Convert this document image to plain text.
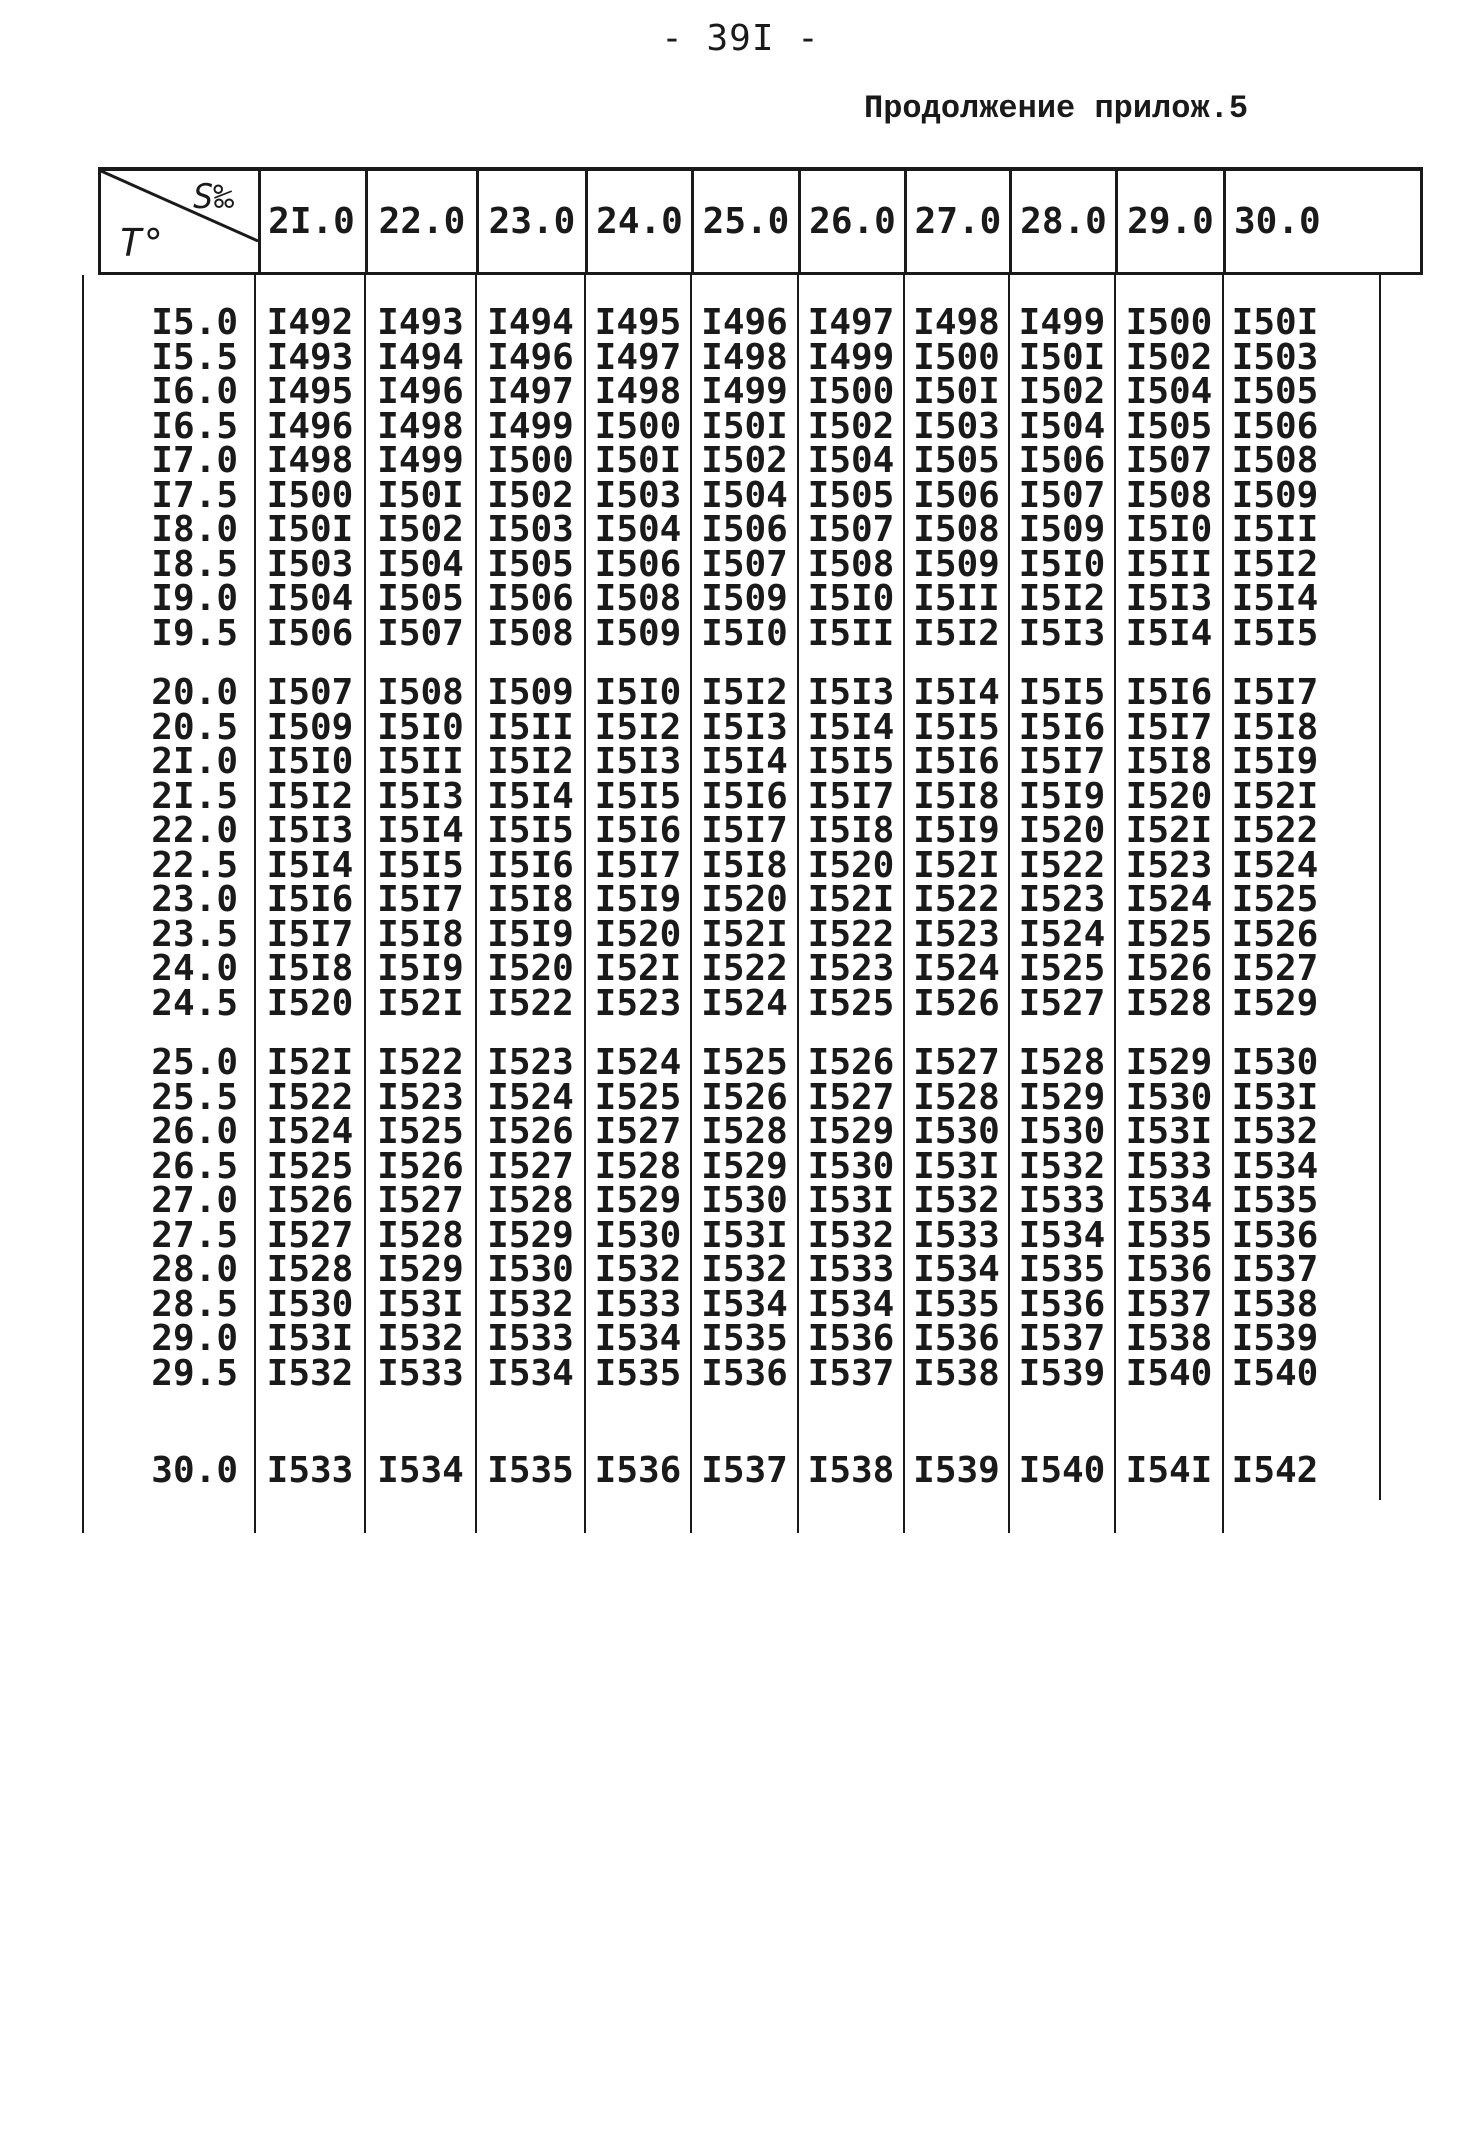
- 39I -
Продолжение прилож.5
S‰
T°	2I.0 22.0 23.0 24.0 25.0 26.0 27.0 28.0 29.0 30.0
I5.0 I492 I493 I494 I495 I496 I497 I498 I499 I500 I50I
I5.5 I493 I494 I496 I497 I498 I499 I500 I50I I502 I503
I6.0 I495 I496 I497 I498 I499 I500 I50I I502 I504 I505
I6.5 I496 I498 I499 I500 I50I I502 I503 I504 I505 I506
I7.0 I498 I499 I500 I50I I502 I504 I505 I506 I507 I508
I7.5 I500 I50I I502 I503 I504 I505 I506 I507 I508 I509
I8.0 I50I I502 I503 I504 I506 I507 I508 I509 I5I0 I5II
I8.5 I503 I504 I505 I506 I507 I508 I509 I5I0 I5II I5I2
I9.0 I504 I505 I506 I508 I509 I5I0 I5II I5I2 I5I3 I5I4
I9.5 I506 I507 I508 I509 I5I0 I5II I5I2 I5I3 I5I4 I5I5
20.0 I507 I508 I509 I5I0 I5I2 I5I3 I5I4 I5I5 I5I6 I5I7
20.5 I509 I5I0 I5II I5I2 I5I3 I5I4 I5I5 I5I6 I5I7 I5I8
2I.0 I5I0 I5II I5I2 I5I3 I5I4 I5I5 I5I6 I5I7 I5I8 I5I9
2I.5 I5I2 I5I3 I5I4 I5I5 I5I6 I5I7 I5I8 I5I9 I520 I52I
22.0 I5I3 I5I4 I5I5 I5I6 I5I7 I5I8 I5I9 I520 I52I I522
22.5 I5I4 I5I5 I5I6 I5I7 I5I8 I520 I52I I522 I523 I524
23.0 I5I6 I5I7 I5I8 I5I9 I520 I52I I522 I523 I524 I525
23.5 I5I7 I5I8 I5I9 I520 I52I I522 I523 I524 I525 I526
24.0 I5I8 I5I9 I520 I52I I522 I523 I524 I525 I526 I527
24.5 I520 I52I I522 I523 I524 I525 I526 I527 I528 I529
25.0 I52I I522 I523 I524 I525 I526 I527 I528 I529 I530
25.5 I522 I523 I524 I525 I526 I527 I528 I529 I530 I53I
26.0 I524 I525 I526 I527 I528 I529 I530 I530 I53I I532
26.5 I525 I526 I527 I528 I529 I530 I53I I532 I533 I534
27.0 I526 I527 I528 I529 I530 I53I I532 I533 I534 I535
27.5 I527 I528 I529 I530 I53I I532 I533 I534 I535 I536
28.0 I528 I529 I530 I532 I532 I533 I534 I535 I536 I537
28.5 I530 I53I I532 I533 I534 I534 I535 I536 I537 I538
29.0 I53I I532 I533 I534 I535 I536 I536 I537 I538 I539
29.5 I532 I533 I534 I535 I536 I537 I538 I539 I540 I540
30.0 I533 I534 I535 I536 I537 I538 I539 I540 I54I I542
